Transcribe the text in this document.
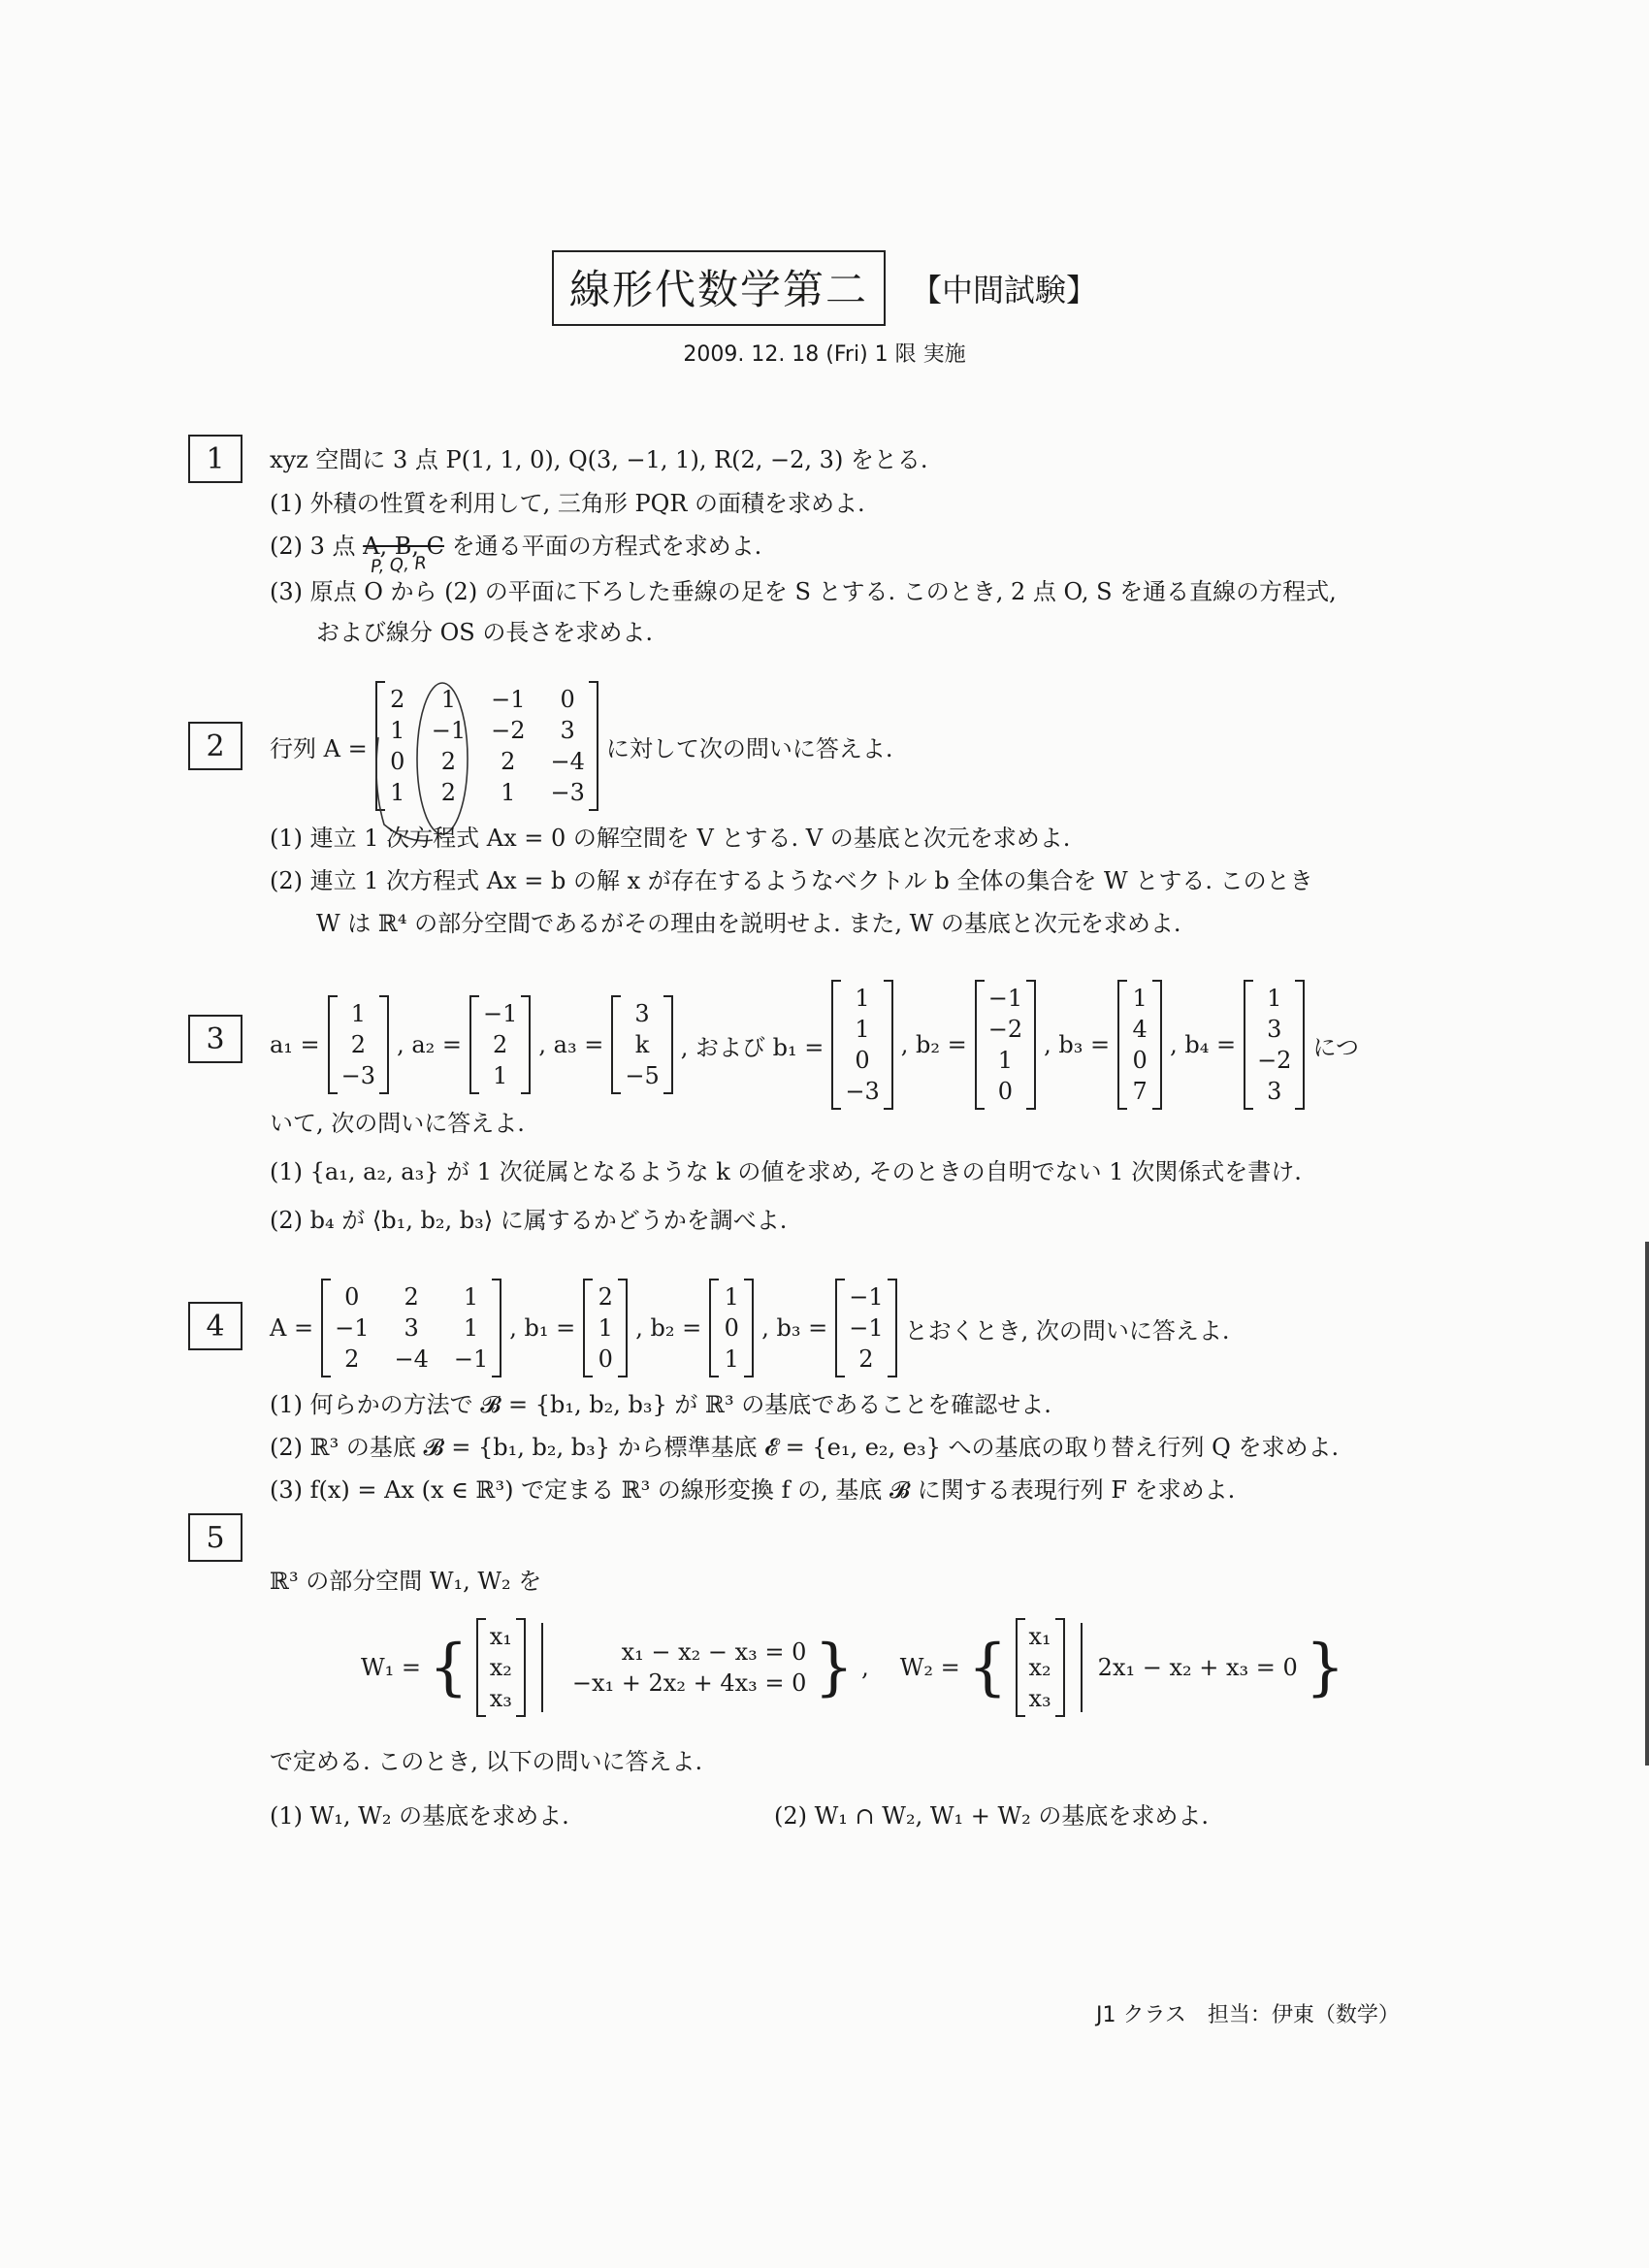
線形代数学第二	【中間試験】
2009. 12. 18 (Fri) 1 限 実施
1	xyz 空間に 3 点 P(1, 1, 0), Q(3, −1, 1), R(2, −2, 3) をとる.
(1) 外積の性質を利用して, 三角形 PQR の面積を求めよ.
(2) 3 点 A, B, C を通る平面の方程式を求めよ.
P, Q, R
(3) 原点 O から (2) の平面に下ろした垂線の足を S とする. このとき, 2 点 O, S を通る直線の方程式,
および線分 OS の長さを求めよ.
2	行列 A =
2	1	−1	0
1 −1 −2	3
0	2	2	−4
1	2	1	−3
に対して次の問いに答えよ.
(1) 連立 1 次方程式 Ax = 0 の解空間を V とする. V の基底と次元を求めよ.
(2) 連立 1 次方程式 Ax = b の解 x が存在するようなベクトル b 全体の集合を W とする. このとき
W は ℝ⁴ の部分空間であるがその理由を説明せよ. また, W の基底と次元を求めよ.
3	a₁ =
1
2
−3
, a₂ =
−1
2
1
, a₃ =
3
k
−5
, および b₁ =
1
1
0
−3
, b₂ =
−1
−2
1
0
, b₃ =
1
4
0
7
, b₄ =
1
3
−2
3
につ
いて, 次の問いに答えよ.
(1) {a₁, a₂, a₃} が 1 次従属となるような k の値を求め, そのときの自明でない 1 次関係式を書け.
(2) b₄ が ⟨b₁, b₂, b₃⟩ に属するかどうかを調べよ.
4	A =
0	2	1
−1	3	1
2	−4 −1
, b₁ =
2
1
0
, b₂ =
1
0
1
, b₃ =
−1
−1
2
とおくとき, 次の問いに答えよ.
(1) 何らかの方法で 𝓑 = {b₁, b₂, b₃} が ℝ³ の基底であることを確認せよ.
(2) ℝ³ の基底 𝓑 = {b₁, b₂, b₃} から標準基底 𝓔 = {e₁, e₂, e₃} への基底の取り替え行列 Q を求めよ.
(3) f(x) = Ax (x ∈ ℝ³) で定まる ℝ³ の線形変換 f の, 基底 𝓑 に関する表現行列 F を求めよ.
5
ℝ³ の部分空間 W₁, W₂ を
W₁ = { x₁
x₂
x₃
x₁ − x₂ − x₃ = 0
−x₁ + 2x₂ + 4x₃ = 0 } , W₂ = { x₁
x₂
x₃
2x₁ − x₂ + x₃ = 0 }
で定める. このとき, 以下の問いに答えよ.
(1) W₁, W₂ の基底を求めよ.	(2) W₁ ∩ W₂, W₁ + W₂ の基底を求めよ.
J1 クラス　担当：伊東（数学）
